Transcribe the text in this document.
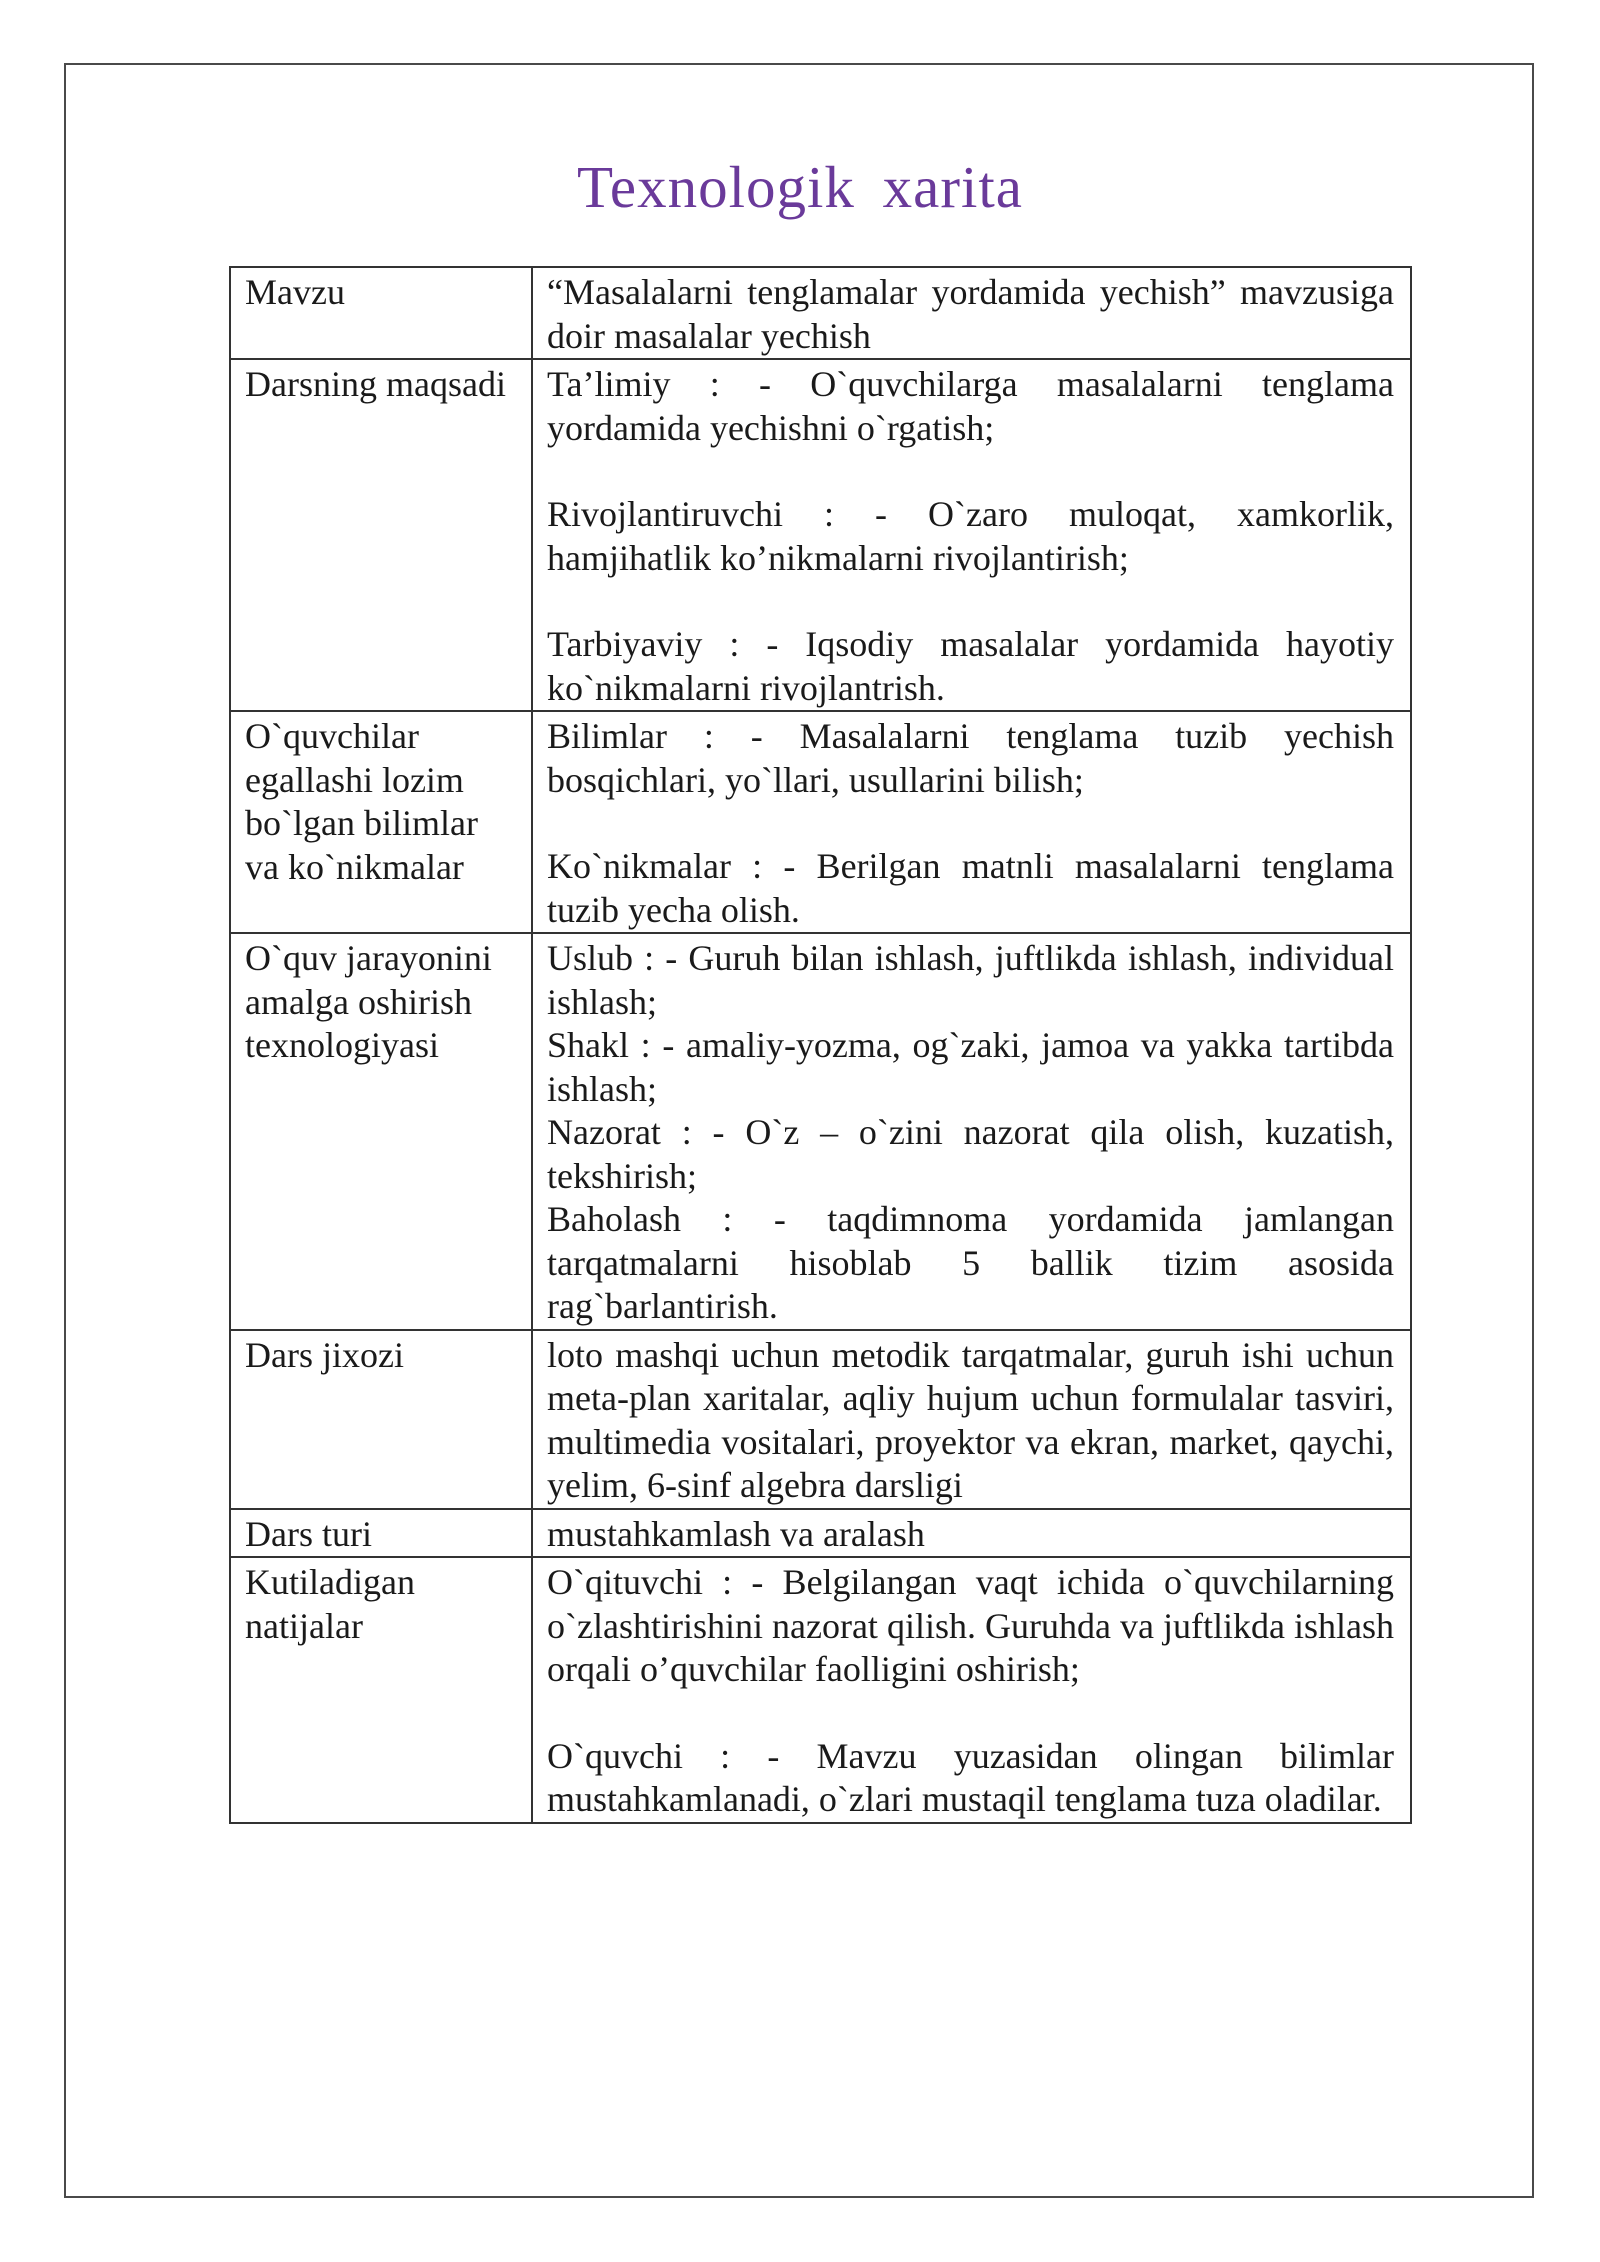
Texnologik xarita
Mavzu	“Masalalarni tenglamalar yordamida yechish” mavzusiga doir masalalar yechish

Darsning maqsadi	Ta’limiy : - O`quvchilarga masalalarni tenglama yordamida yechishni o`rgatish;
Rivojlantiruvchi : - O`zaro muloqat, xamkorlik, hamjihatlik ko’nikmalarni rivojlantirish;
Tarbiyaviy : - Iqsodiy masalalar yordamida hayotiy ko`nikmalarni rivojlantrish.

O`quvchilar egallashi lozim bo`lgan bilimlar va ko`nikmalar	Bilimlar : - Masalalarni tenglama tuzib yechish bosqichlari, yo`llari, usullarini bilish;
Ko`nikmalar : - Berilgan matnli masalalarni tenglama tuzib yecha olish.

O`quv jarayonini amalga oshirish texnologiyasi	Uslub : - Guruh bilan ishlash, juftlikda ishlash, individual ishlash;
Shakl : - amaliy-yozma, og`zaki, jamoa va yakka tartibda ishlash;
Nazorat : - O`z – o`zini nazorat qila olish, kuzatish, tekshirish;
Baholash : - taqdimnoma yordamida jamlangan tarqatmalarni hisoblab 5 ballik tizim asosida rag`barlantirish.

Dars jixozi	loto mashqi uchun metodik tarqatmalar, guruh ishi uchun meta-plan xaritalar, aqliy hujum uchun formulalar tasviri, multimedia vositalari, proyektor va ekran, market, qaychi, yelim, 6-sinf algebra darsligi

Dars turi	mustahkamlash va aralash

Kutiladigan natijalar	O`qituvchi : - Belgilangan vaqt ichida o`quvchilarning o`zlashtirishini nazorat qilish. Guruhda va juftlikda ishlash orqali o’quvchilar faolligini oshirish;
O`quvchi : - Mavzu yuzasidan olingan bilimlar mustahkamlanadi, o`zlari mustaqil tenglama tuza oladilar.
